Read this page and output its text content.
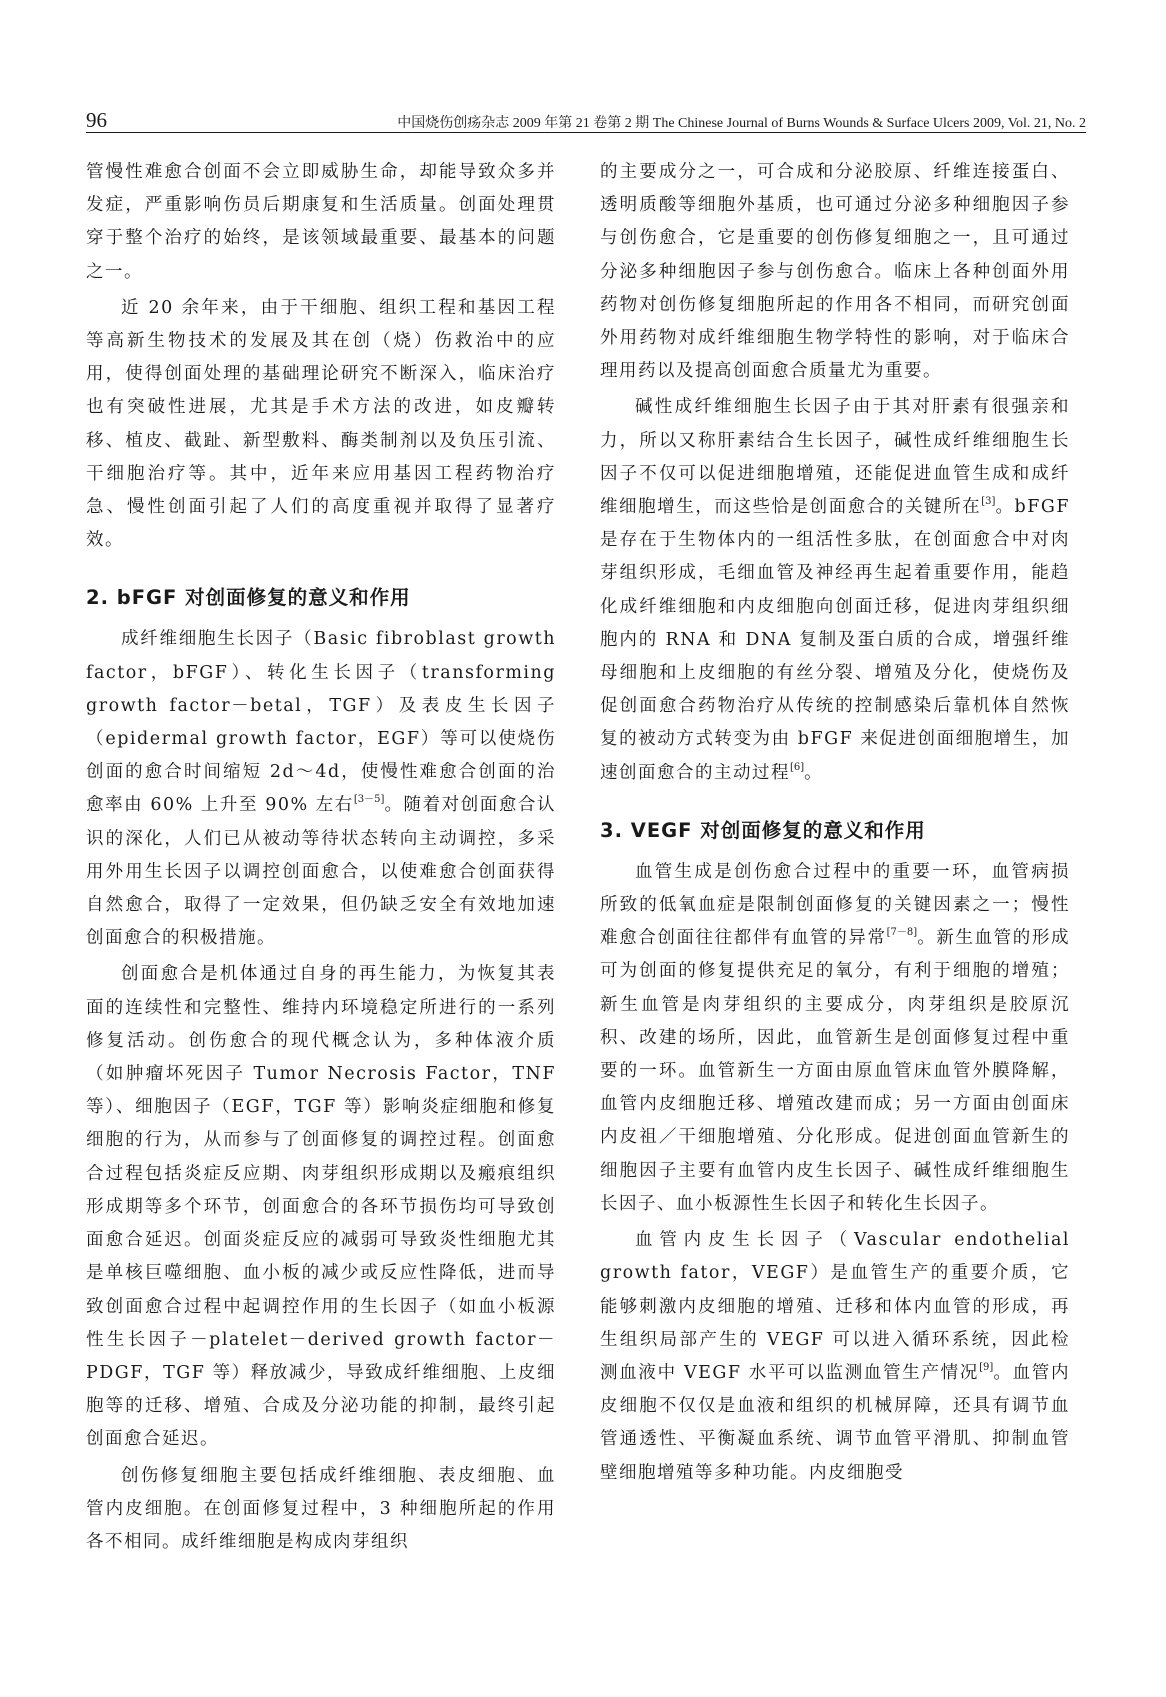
96	中国烧伤创疡杂志 2009 年第 21 卷第 2 期 The Chinese Journal of Burns Wounds & Surface Ulcers 2009, Vol. 21, No. 2

管慢性难愈合创面不会立即威胁生命，却能导致众多并发症，严重影响伤员后期康复和生活质量。创面处理贯穿于整个治疗的始终，是该领域最重要、最基本的问题之一。

近 20 余年来，由于干细胞、组织工程和基因工程等高新生物技术的发展及其在创（烧）伤救治中的应用，使得创面处理的基础理论研究不断深入，临床治疗也有突破性进展，尤其是手术方法的改进，如皮瓣转移、植皮、截趾、新型敷料、酶类制剂以及负压引流、干细胞治疗等。其中，近年来应用基因工程药物治疗急、慢性创面引起了人们的高度重视并取得了显著疗效。

2. bFGF 对创面修复的意义和作用

成纤维细胞生长因子（Basic fibroblast growth factor，bFGF）、转化生长因子（transforming growth factor－betal，TGF）及表皮生长因子（epidermal growth factor，EGF）等可以使烧伤创面的愈合时间缩短 2d～4d，使慢性难愈合创面的治愈率由 60% 上升至 90% 左右[3－5]。随着对创面愈合认识的深化，人们已从被动等待状态转向主动调控，多采用外用生长因子以调控创面愈合，以使难愈合创面获得自然愈合，取得了一定效果，但仍缺乏安全有效地加速创面愈合的积极措施。

创面愈合是机体通过自身的再生能力，为恢复其表面的连续性和完整性、维持内环境稳定所进行的一系列修复活动。创伤愈合的现代概念认为，多种体液介质（如肿瘤坏死因子 Tumor Necrosis Factor，TNF 等）、细胞因子（EGF，TGF 等）影响炎症细胞和修复细胞的行为，从而参与了创面修复的调控过程。创面愈合过程包括炎症反应期、肉芽组织形成期以及瘢痕组织形成期等多个环节，创面愈合的各环节损伤均可导致创面愈合延迟。创面炎症反应的减弱可导致炎性细胞尤其是单核巨噬细胞、血小板的减少或反应性降低，进而导致创面愈合过程中起调控作用的生长因子（如血小板源性生长因子－platelet－derived growth factor－PDGF，TGF 等）释放减少，导致成纤维细胞、上皮细胞等的迁移、增殖、合成及分泌功能的抑制，最终引起创面愈合延迟。

创伤修复细胞主要包括成纤维细胞、表皮细胞、血管内皮细胞。在创面修复过程中，3 种细胞所起的作用各不相同。成纤维细胞是构成肉芽组织

的主要成分之一，可合成和分泌胶原、纤维连接蛋白、透明质酸等细胞外基质，也可通过分泌多种细胞因子参与创伤愈合，它是重要的创伤修复细胞之一，且可通过分泌多种细胞因子参与创伤愈合。临床上各种创面外用药物对创伤修复细胞所起的作用各不相同，而研究创面外用药物对成纤维细胞生物学特性的影响，对于临床合理用药以及提高创面愈合质量尤为重要。

碱性成纤维细胞生长因子由于其对肝素有很强亲和力，所以又称肝素结合生长因子，碱性成纤维细胞生长因子不仅可以促进细胞增殖，还能促进血管生成和成纤维细胞增生，而这些恰是创面愈合的关键所在[3]。bFGF 是存在于生物体内的一组活性多肽，在创面愈合中对肉芽组织形成，毛细血管及神经再生起着重要作用，能趋化成纤维细胞和内皮细胞向创面迁移，促进肉芽组织细胞内的 RNA 和 DNA 复制及蛋白质的合成，增强纤维母细胞和上皮细胞的有丝分裂、增殖及分化，使烧伤及促创面愈合药物治疗从传统的控制感染后靠机体自然恢复的被动方式转变为由 bFGF 来促进创面细胞增生，加速创面愈合的主动过程[6]。

3. VEGF 对创面修复的意义和作用

血管生成是创伤愈合过程中的重要一环，血管病损所致的低氧血症是限制创面修复的关键因素之一；慢性难愈合创面往往都伴有血管的异常[7－8]。新生血管的形成可为创面的修复提供充足的氧分，有利于细胞的增殖；新生血管是肉芽组织的主要成分，肉芽组织是胶原沉积、改建的场所，因此，血管新生是创面修复过程中重要的一环。血管新生一方面由原血管床血管外膜降解，血管内皮细胞迁移、增殖改建而成；另一方面由创面床内皮祖／干细胞增殖、分化形成。促进创面血管新生的细胞因子主要有血管内皮生长因子、碱性成纤维细胞生长因子、血小板源性生长因子和转化生长因子。

血管内皮生长因子（Vascular endothelial growth fator，VEGF）是血管生产的重要介质，它能够刺激内皮细胞的增殖、迁移和体内血管的形成，再生组织局部产生的 VEGF 可以进入循环系统，因此检测血液中 VEGF 水平可以监测血管生产情况[9]。血管内皮细胞不仅仅是血液和组织的机械屏障，还具有调节血管通透性、平衡凝血系统、调节血管平滑肌、抑制血管壁细胞增殖等多种功能。内皮细胞受
